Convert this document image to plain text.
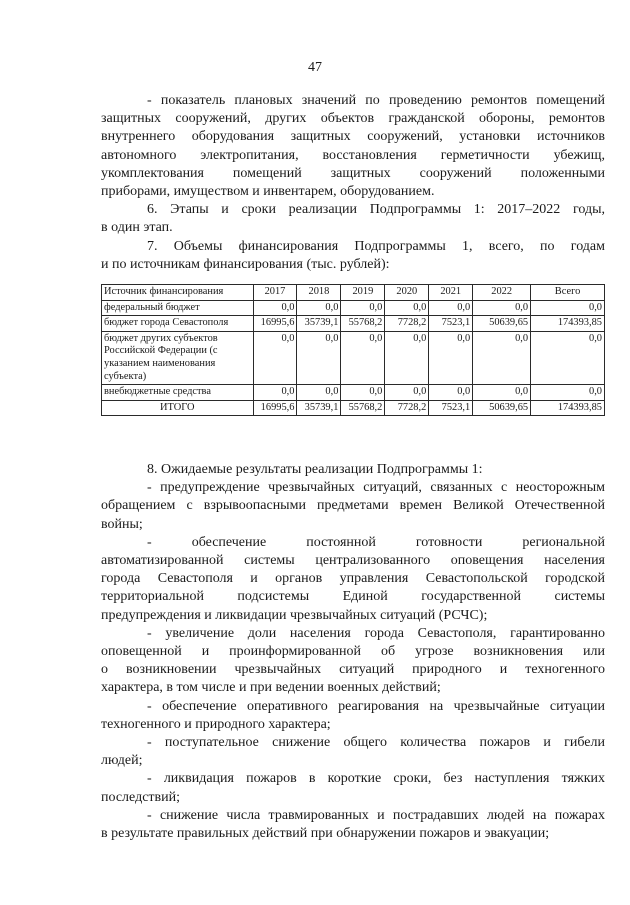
47

- показатель плановых значений по проведению ремонтов помещений
защитных сооружений, других объектов гражданской обороны, ремонтов
внутреннего оборудования защитных сооружений, установки источников
автономного электропитания, восстановления герметичности убежищ,
укомплектования помещений защитных сооружений положенными
приборами, имуществом и инвентарем, оборудованием.

6. Этапы и сроки реализации Подпрограммы 1: 2017–2022 годы,
в один этап.

7. Объемы финансирования Подпрограммы 1, всего, по годам
и по источникам финансирования (тыс. рублей):

Источник финансирования	2017	2018	2019	2020	2021	2022	Всего
федеральный бюджет	0,0	0,0	0,0	0,0	0,0	0,0	0,0
бюджет города Севастополя	16995,6	35739,1	55768,2	7728,2	7523,1	50639,65	174393,85
бюджет других субъектов Российской Федерации (с указанием наименования субъекта)	0,0	0,0	0,0	0,0	0,0	0,0	0,0
внебюджетные средства	0,0	0,0	0,0	0,0	0,0	0,0	0,0
ИТОГО	16995,6	35739,1	55768,2	7728,2	7523,1	50639,65	174393,85

8. Ожидаемые результаты реализации Подпрограммы 1:

- предупреждение чрезвычайных ситуаций, связанных с неосторожным
обращением с взрывоопасными предметами времен Великой Отечественной
войны;

- обеспечение постоянной готовности региональной
автоматизированной системы централизованного оповещения населения
города Севастополя и органов управления Севастопольской городской
территориальной подсистемы Единой государственной системы
предупреждения и ликвидации чрезвычайных ситуаций (РСЧС);

- увеличение доли населения города Севастополя, гарантированно
оповещенной и проинформированной об угрозе возникновения или
о возникновении чрезвычайных ситуаций природного и техногенного
характера, в том числе и при ведении военных действий;

- обеспечение оперативного реагирования на чрезвычайные ситуации
техногенного и природного характера;

- поступательное снижение общего количества пожаров и гибели
людей;

- ликвидация пожаров в короткие сроки, без наступления тяжких
последствий;

- снижение числа травмированных и пострадавших людей на пожарах
в результате правильных действий при обнаружении пожаров и эвакуации;
